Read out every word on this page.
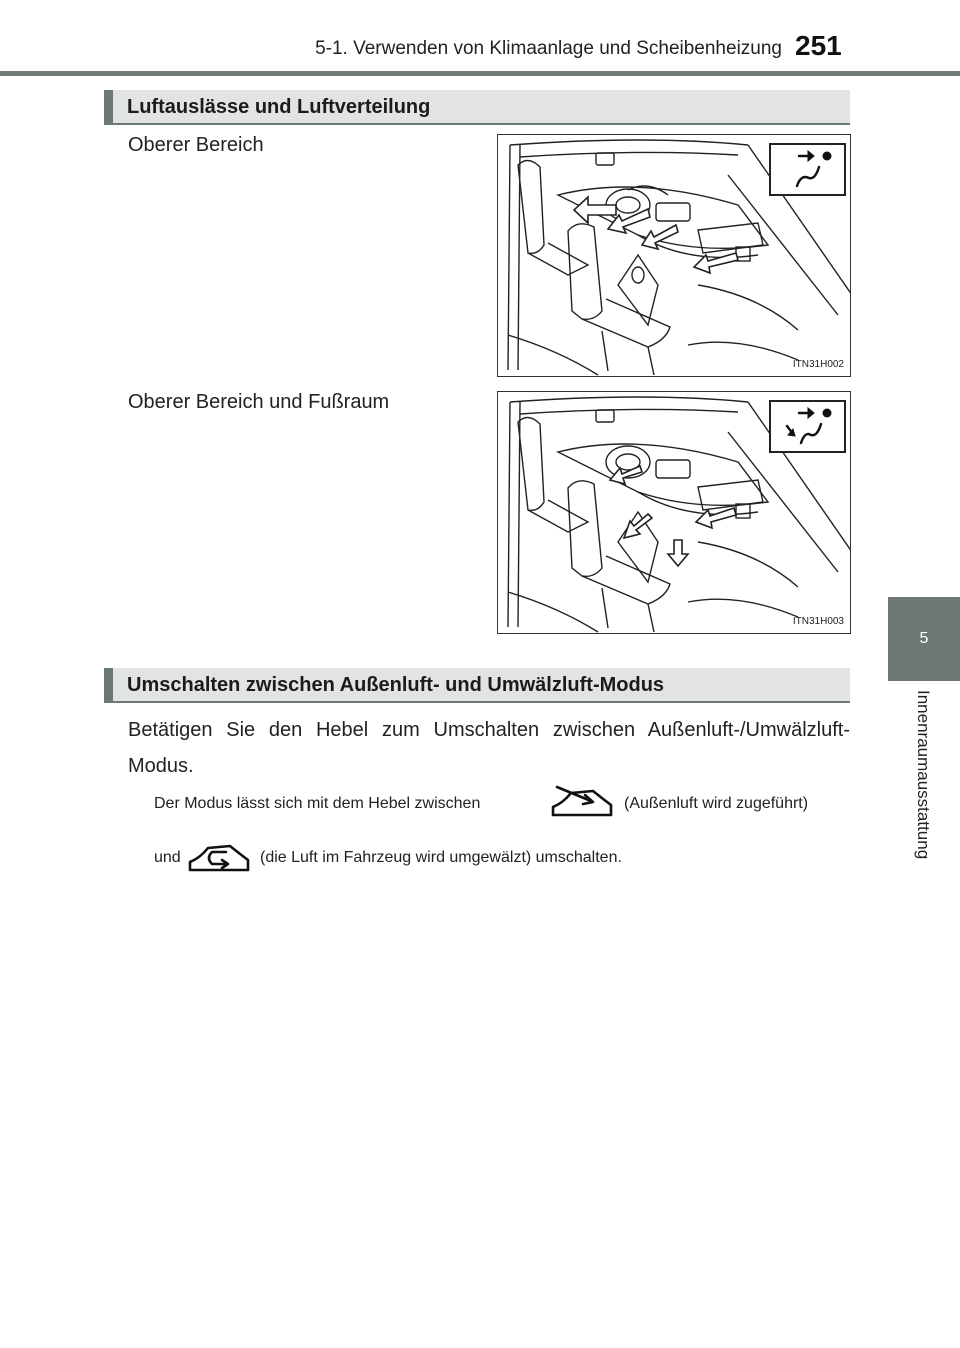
5-1. Verwenden von Klimaanlage und Scheibenheizung 251
5
Innenraumausstattung
Luftauslässe und Luftverteilung
Oberer Bereich
ITN31H002
Oberer Bereich und Fußraum
ITN31H003
Umschalten zwischen Außenluft- und Umwälzluft-Modus
Betätigen Sie den Hebel zum Umschalten zwischen Außenluft-/Umwälzluft-Modus.
Der Modus lässt sich mit dem Hebel zwischen	(Außenluft wird zugeführt)
und	(die Luft im Fahrzeug wird umgewälzt) umschalten.
